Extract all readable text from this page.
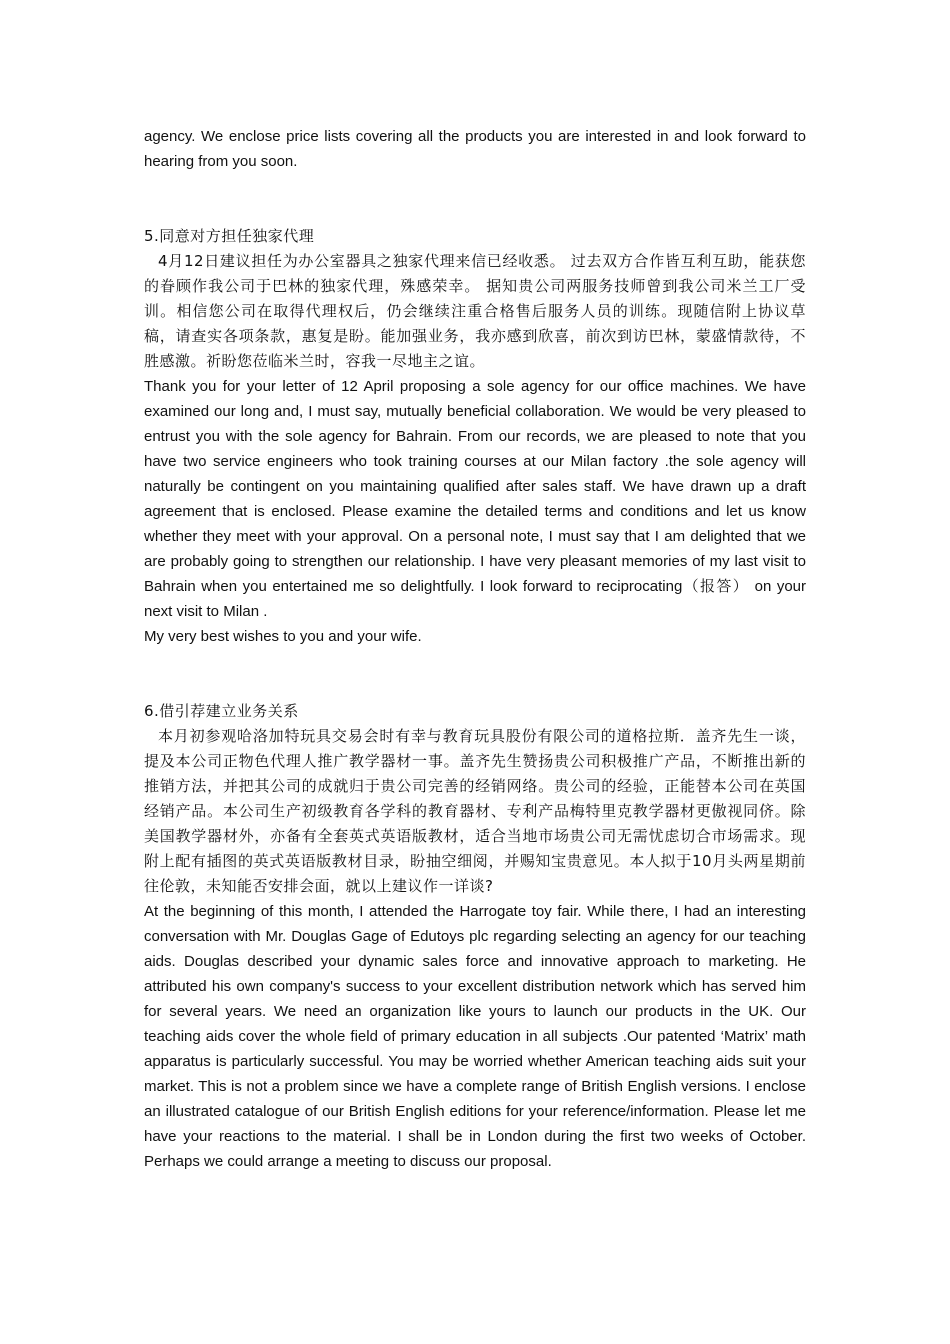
agency. We enclose price lists covering all the products you are interested in and look forward to hearing from you soon.

5.同意对方担任独家代理

4月12日建议担任为办公室器具之独家代理来信已经收悉。 过去双方合作皆互利互助，能获您的眷顾作我公司于巴林的独家代理，殊感荣幸。 据知贵公司两服务技师曾到我公司米兰工厂受训。相信您公司在取得代理权后，仍会继续注重合格售后服务人员的训练。现随信附上协议草稿，请查实各项条款，惠复是盼。能加强业务，我亦感到欣喜，前次到访巴林，蒙盛情款待，不胜感激。祈盼您莅临米兰时，容我一尽地主之谊。

Thank you for your letter of 12 April proposing a sole agency for our office machines. We have examined our long and, I must say, mutually beneficial collaboration. We would be very pleased to entrust you with the sole agency for Bahrain. From our records, we are pleased to note that you have two service engineers who took training courses at our Milan factory .the sole agency will naturally be contingent on you maintaining qualified after sales staff. We have drawn up a draft agreement that is enclosed. Please examine the detailed terms and conditions and let us know whether they meet with your approval. On a personal note, I must say that I am delighted that we are probably going to strengthen our relationship. I have very pleasant memories of my last visit to Bahrain when you entertained me so delightfully. I look forward to reciprocating（报答） on your next visit to Milan .

My very best wishes to you and your wife.

6.借引荐建立业务关系

本月初参观哈洛加特玩具交易会时有幸与教育玩具股份有限公司的道格拉斯．盖齐先生一谈，提及本公司正物色代理人推广教学器材一事。盖齐先生赞扬贵公司积极推广产品，不断推出新的推销方法，并把其公司的成就归于贵公司完善的经销网络。贵公司的经验，正能替本公司在英国经销产品。本公司生产初级教育各学科的教育器材、专利产品梅特里克教学器材更傲视同侪。除美国教学器材外，亦备有全套英式英语版教材，适合当地市场贵公司无需忧虑切合市场需求。现附上配有插图的英式英语版教材目录，盼抽空细阅，并赐知宝贵意见。本人拟于10月头两星期前往伦敦，未知能否安排会面，就以上建议作一详谈?

At the beginning of this month, I attended the Harrogate toy fair. While there, I had an interesting conversation with Mr. Douglas Gage of Edutoys plc regarding selecting an agency for our teaching aids. Douglas described your dynamic sales force and innovative approach to marketing. He attributed his own company's success to your excellent distribution network which has served him for several years. We need an organization like yours to launch our products in the UK. Our teaching aids cover the whole field of primary education in all subjects .Our patented ‘Matrix’ math apparatus is particularly successful. You may be worried whether American teaching aids suit your market. This is not a problem since we have a complete range of British English versions. I enclose an illustrated catalogue of our British English editions for your reference/information. Please let me have your reactions to the material. I shall be in London during the first two weeks of October. Perhaps we could arrange a meeting to discuss our proposal.
